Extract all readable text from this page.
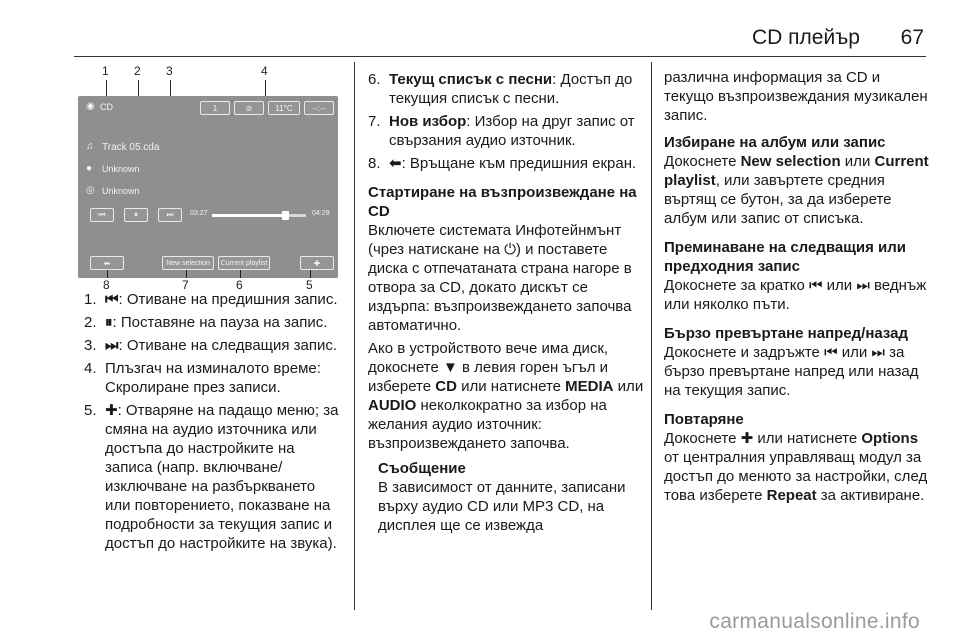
CD плейър 67
1 2 3	4
◉ CD	1	⊘	11°C	--:--
♫ Track 05.cda
● Unknown
◎ Unknown
⏮	⏸	⏭	03:27	04:29
⬅	New selection	Current playlist	✚
8	7	6	5
1. ⏮: Отиване на предишния запис.
2. ⏸: Поставяне на пауза на запис.
3. ⏭: Отиване на следващия запис.
4. Плъзгач на изминалото време: Скролиране през записи.
5. ✚: Отваряне на падащо меню; за смяна на аудио източника или достъпа до настройките на записа (напр. включване/ изключване на разбъркването или повторението, показване на подробности за текущия запис и достъп до настройките на звука).
6. Текущ списък с песни: Достъп до текущия списък с песни.
7. Нов избор: Избор на друг запис от свързания аудио източник.
8. ⬅: Връщане към предишния екран.

Стартиране на възпроизвеждане на CD

Включете системата Инфотейнмънт (чрез натискане на ⏻) и поставете диска с отпечатаната страна нагоре в отвора за CD, докато дискът се издърпа: възпроизвеждането започва автоматично.

Ако в устройството вече има диск, докоснете ▼ в левия горен ъгъл и изберете CD или натиснете MEDIA или AUDIO неколкократно за избор на желания аудио източник: възпроизвеждането започва.

Съобщение

В зависимост от данните, записани върху аудио CD или MP3 CD, на дисплея ще се извежда

различна информация за CD и текущо възпроизвеждания музикален запис.

Избиране на албум или запис

Докоснете New selection или Current playlist, или завъртете средния въртящ се бутон, за да изберете албум или запис от списъка.

Преминаване на следващия или предходния запис

Докоснете за кратко ⏮ или ⏭ веднъж или няколко пъти.

Бързо превъртане напред/назад

Докоснете и задръжте ⏮ или ⏭ за бързо превъртане напред или назад на текущия запис.

Повтаряне

Докоснете ✚ или натиснете Options от централния управляващ модул за достъп до менюто за настройки, след това изберете Repeat за активиране.

carmanualsonline.info
